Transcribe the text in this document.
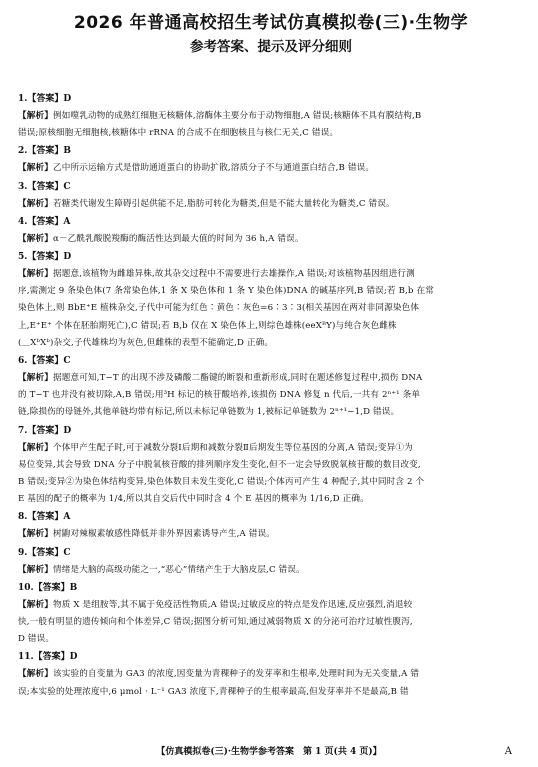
2026 年普通高校招生考试仿真模拟卷(三)·生物学
参考答案、提示及评分细则
1.【答案】D
【解析】例如噬乳动物的成熟红细胞无核糖体,溶酶体主要分布于动物细胞,A 错误;核糖体不具有膜结构,B
错误;原核细胞无细胞核,核糖体中 rRNA 的合成不在细胞核且与核仁无关,C 错误。
2.【答案】B
【解析】乙中所示运输方式是借助通道蛋白的协助扩散,溶质分子不与通道蛋白结合,B 错误。
3.【答案】C
【解析】若糖类代谢发生障碍引起供能不足,脂肪可转化为糖类,但是不能大量转化为糖类,C 错误。
4.【答案】A
【解析】α－乙酰乳酸脱羧酶的酶活性达到最大值的时间为 36 h,A 错误。
5.【答案】D
【解析】据题意,该植物为雌雄异株,故其杂交过程中不需要进行去雄操作,A 错误;对该植物基因组进行测
序,需测定 9 条染色体(7 条常染色体,1 条 X 染色体和 1 条 Y 染色体)DNA 的碱基序列,B 错误;若 B,b 在常
染色体上,则 BbE⁺E 植株杂交,子代中可能为红色∶黄色∶灰色=6∶3∶3(相关基因在两对非同源染色体
上,E⁺E⁺ 个体在胚胎期死亡),C 错误;若 B,b 仅在 X 染色体上,则综色雄株(eeXᴮY)与纯合灰色雌株
(＿XᵇXᵇ)杂交,子代雄株均为灰色,但雌株的表型不能确定,D 正确。
6.【答案】C
【解析】据题意可知,T−T 的出现不涉及磷酸二酯键的断裂和重新形成,同时在题述修复过程中,损伤 DNA
的 T−T 也并没有被切除,A,B 错误;用³H 标记的核苷酸培养,该损伤 DNA 修复 n 代后,一共有 2ⁿ⁺¹ 条单
链,除损伤的母链外,其他单链均带有标记,所以未标记单链数为 1,被标记单链数为 2ⁿ⁺¹−1,D 错误。
7.【答案】D
【解析】个体甲产生配子时,可于减数分裂Ⅰ后期和减数分裂Ⅱ后期发生等位基因的分离,A 错误;变异①为
易位变异,其会导致 DNA 分子中脱氧核苷酸的排列顺序发生变化,但不一定会导致脱氧核苷酸的数目改变,
B 错误;变异②为染色体结构变异,染色体数目未发生变化,C 错误;个体丙可产生 4 种配子,其中同时含 2 个
E 基因的配子的概率为 1/4,所以其自交后代中同时含 4 个 E 基因的概率为 1/16,D 正确。
8.【答案】A
【解析】树鼩对辣椒素敏感性降低并非外界因素诱导产生,A 错误。
9.【答案】C
【解析】情绪是大脑的高级功能之一,“恶心”情绪产生于大脑皮层,C 错误。
10.【答案】B
【解析】物质 X 是组胺等,其不属于免疫活性物质,A 错误;过敏反应的特点是发作迅速,反应强烈,消退较
快,一般有明显的遗传倾向和个体差异,C 错误;据图分析可知,通过减弱物质 X 的分泌可治疗过敏性腹泻,
D 错误。
11.【答案】D
【解析】该实验的自变量为 GA3 的浓度,因变量为青稞种子的发芽率和生根率,处理时间为无关变量,A 错
误;本实验的处理浓度中,6 μmol · L⁻¹ GA3 浓度下,青稞种子的生根率最高,但发芽率并不是最高,B 错
【仿真模拟卷(三)·生物学参考答案　第 1 页(共 4 页)】	A
